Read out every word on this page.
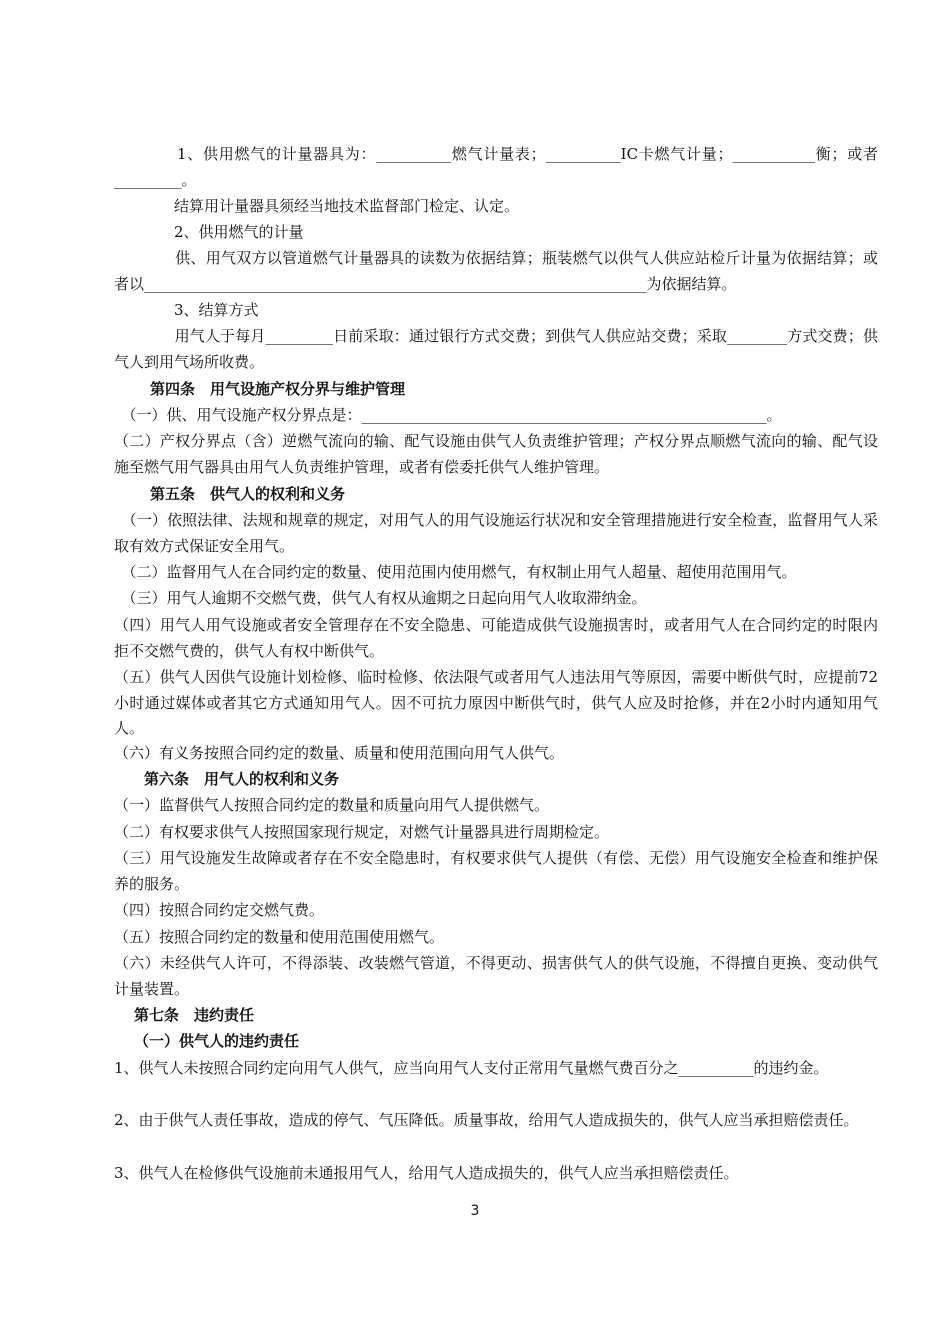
　　　　1、供用燃气的计量器具为：__________燃气计量表；__________IC卡燃气计量；___________衡；或者_________。

　　　　结算用计量器具须经当地技术监督部门检定、认定。

　　　　2、供用燃气的计量

　　　　供、用气双方以管道燃气计量器具的读数为依据结算；瓶装燃气以供气人供应站检斤计量为依据结算；或者以___________________________________________________________________为依据结算。

　　　　3、结算方式

　　　　用气人于每月_________日前采取：通过银行方式交费；到供气人供应站交费；采取________方式交费；供气人到用气场所收费。

第四条　用气设施产权分界与维护管理

　（一）供、用气设施产权分界点是：______________________________________________________。

（二）产权分界点（含）逆燃气流向的输、配气设施由供气人负责维护管理；产权分界点顺燃气流向的输、配气设施至燃气用气器具由用气人负责维护管理，或者有偿委托供气人维护管理。

第五条　供气人的权利和义务

　（一）依照法律、法规和规章的规定，对用气人的用气设施运行状况和安全管理措施进行安全检查，监督用气人采取有效方式保证安全用气。

　（二）监督用气人在合同约定的数量、使用范围内使用燃气，有权制止用气人超量、超使用范围用气。

　（三）用气人逾期不交燃气费，供气人有权从逾期之日起向用气人收取滞纳金。

（四）用气人用气设施或者安全管理存在不安全隐患、可能造成供气设施损害时，或者用气人在合同约定的时限内拒不交燃气费的，供气人有权中断供气。

（五）供气人因供气设施计划检修、临时检修、依法限气或者用气人违法用气等原因，需要中断供气时，应提前72小时通过媒体或者其它方式通知用气人。因不可抗力原因中断供气时，供气人应及时抢修，并在2小时内通知用气人。

（六）有义务按照合同约定的数量、质量和使用范围向用气人供气。

第六条　用气人的权利和义务

（一）监督供气人按照合同约定的数量和质量向用气人提供燃气。

（二）有权要求供气人按照国家现行规定，对燃气计量器具进行周期检定。

（三）用气设施发生故障或者存在不安全隐患时，有权要求供气人提供（有偿、无偿）用气设施安全检查和维护保养的服务。

（四）按照合同约定交燃气费。

（五）按照合同约定的数量和使用范围使用燃气。

（六）未经供气人许可，不得添装、改装燃气管道，不得更动、损害供气人的供气设施，不得擅自更换、变动供气计量装置。

第七条　违约责任

（一）供气人的违约责任

1、供气人未按照合同约定向用气人供气，应当向用气人支付正常用气量燃气费百分之__________的违约金。

2、由于供气人责任事故，造成的停气、气压降低。质量事故，给用气人造成损失的，供气人应当承担赔偿责任。

3、供气人在检修供气设施前未通报用气人，给用气人造成损失的，供气人应当承担赔偿责任。

3
